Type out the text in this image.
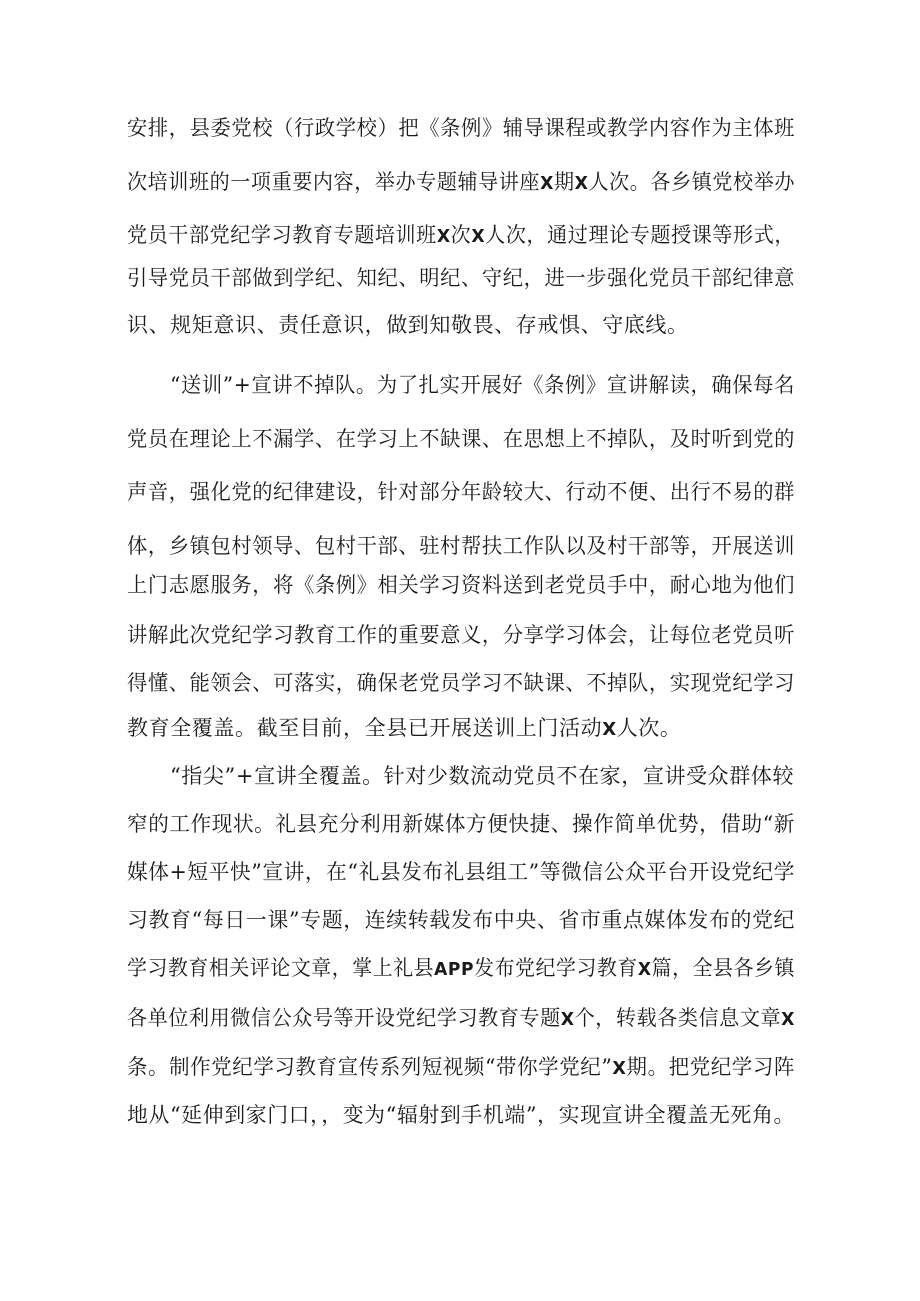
安排，县委党校（行政学校）把《条例》辅导课程或教学内容作为主体班
次培训班的一项重要内容，举办专题辅导讲座X期X人次。各乡镇党校举办
党员干部党纪学习教育专题培训班X次X人次，通过理论专题授课等形式，
引导党员干部做到学纪、知纪、明纪、守纪，进一步强化党员干部纪律意
识、规矩意识、责任意识，做到知敬畏、存戒惧、守底线。
“送训”+宣讲不掉队。为了扎实开展好《条例》宣讲解读，确保每名
党员在理论上不漏学、在学习上不缺课、在思想上不掉队，及时听到党的
声音，强化党的纪律建设，针对部分年龄较大、行动不便、出行不易的群
体，乡镇包村领导、包村干部、驻村帮扶工作队以及村干部等，开展送训
上门志愿服务，将《条例》相关学习资料送到老党员手中，耐心地为他们
讲解此次党纪学习教育工作的重要意义，分享学习体会，让每位老党员听
得懂、能领会、可落实，确保老党员学习不缺课、不掉队，实现党纪学习
教育全覆盖。截至目前，全县已开展送训上门活动X人次。
“指尖”+宣讲全覆盖。针对少数流动党员不在家，宣讲受众群体较
窄的工作现状。礼县充分利用新媒体方便快捷、操作简单优势，借助“新
媒体+短平快”宣讲，在“礼县发布礼县组工”等微信公众平台开设党纪学
习教育“每日一课”专题，连续转载发布中央、省市重点媒体发布的党纪
学习教育相关评论文章，掌上礼县APP发布党纪学习教育X篇，全县各乡镇
各单位利用微信公众号等开设党纪学习教育专题X个，转载各类信息文章X
条。制作党纪学习教育宣传系列短视频“带你学党纪”X期。把党纪学习阵
地从“延伸到家门口，，变为“辐射到手机端”，实现宣讲全覆盖无死角。
